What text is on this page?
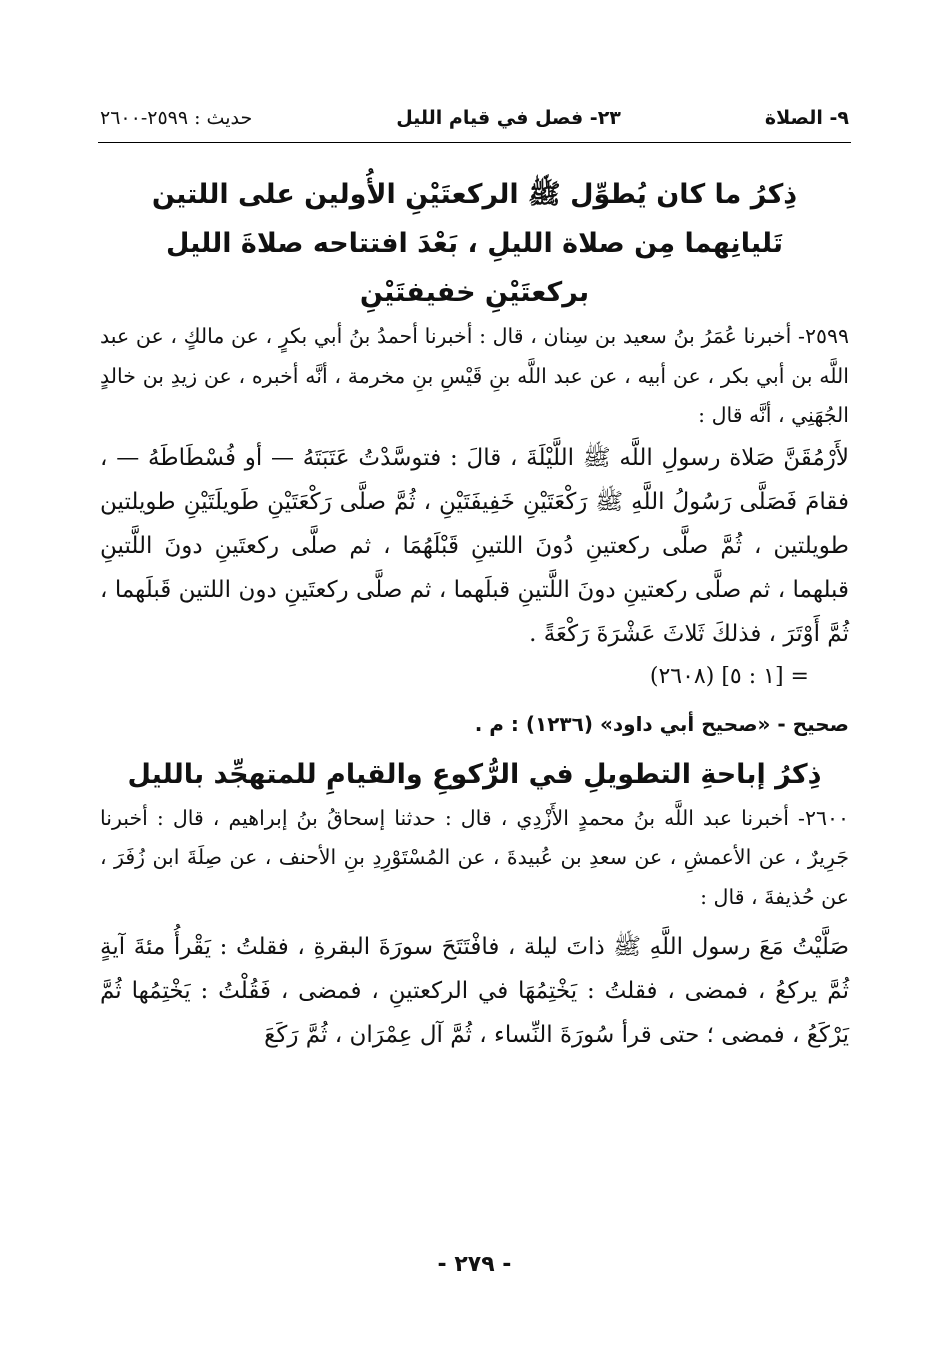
حديث : ٢٥٩٩-٢٦٠٠	٢٣- فصل في قيام الليل	٩- الصلاة
ذِكرُ ما كان يُطوِّل ﷺ الركعتَيْنِ الأُولين على اللتين
تَليانِهما مِن صلاة الليلِ ، بَعْدَ افتتاحه صلاةَ الليل
بركعتَيْنِ خفيفتَيْنِ

٢٥٩٩- أخبرنا عُمَرُ بنُ سعيد بن سِنان ، قال : أخبرنا أحمدُ بنُ أبي بكرٍ ، عن مالكٍ ، عن عبد اللَّه بن أبي بكر ، عن أبيه ، عن عبد اللَّه بنِ قَيْسِ بنِ مخرمة ، أنَّه أخبره ، عن زيدِ بن خالدٍ الجُهَنِي ، أنَّه قال :

لأَرْمُقَنَّ صَلاة رسولِ اللَّه ﷺ اللَّيْلَةَ ، قالَ : فتوسَّدْتُ عَتَبَتَهُ — أو فُسْطَاطَهُ — ، فقامَ فَصَلَّى رَسُولُ اللَّهِ ﷺ رَكْعَتَيْنِ خَفِيفَتَيْنِ ، ثُمَّ صلَّى رَكْعَتَيْنِ طَويلَتَيْنِ طويلتين طويلتين ، ثُمَّ صلَّى ركعتينِ دُونَ اللتينِ قَبْلَهُمَا ، ثم صلَّى ركعتَينِ دونَ اللَّتينِ قبلهما ، ثم صلَّى ركعتينِ دونَ اللَّتينِ قبلَهما ، ثم صلَّى ركعتَينِ دون اللتين قَبلَهما ، ثُمَّ أَوْتَرَ ، فذلكَ ثَلاثَ عَشْرَةَ رَكْعَةً .

= [١ : ٥] (٢٦٠٨)

صحيح - «صحيح أبي داود» (١٢٣٦) : م .

ذِكرُ إباحةِ التطويلِ في الرُّكوعِ والقيامِ للمتهجِّد بالليل

٢٦٠٠- أخبرنا عبد اللَّه بنُ محمدٍ الأَزْدِي ، قال : حدثنا إسحاقُ بنُ إبراهيم ، قال : أخبرنا جَرِيرٌ ، عن الأعمشِ ، عن سعدِ بن عُبيدةَ ، عن المُسْتَوْرِدِ بنِ الأحنف ، عن صِلَةَ ابن زُفَرَ ، عن حُذيفةَ ، قال :

صَلَّيْتُ مَعَ رسول اللَّهِ ﷺ ذاتَ ليلة ، فافْتَتَحَ سورَةَ البقرةِ ، فقلتُ : يَقْرأُ مئةَ آيةٍ ثُمَّ يركعُ ، فمضى ، فقلتُ : يَخْتِمُهَا في الركعتينِ ، فمضى ، فَقُلْتُ : يَخْتِمُها ثُمَّ يَرْكَعُ ، فمضى ؛ حتى قرأ سُورَةَ النِّساء ، ثُمَّ آل عِمْرَان ، ثُمَّ رَكَعَ

- ٢٧٩ -
